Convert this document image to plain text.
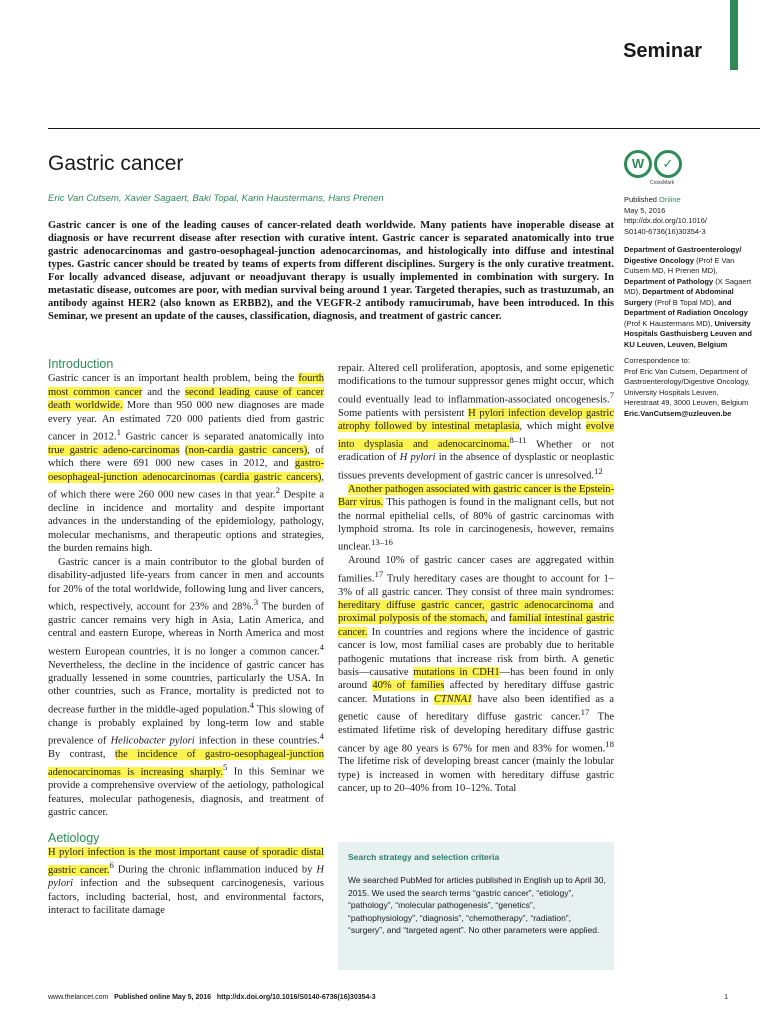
Seminar
Gastric cancer	W	✓
CrossMark
Eric Van Cutsem, Xavier Sagaert, Baki Topal, Karin Haustermans, Hans Prenen
Gastric cancer is one of the leading causes of cancer-related death worldwide. Many patients have inoperable disease at diagnosis or have recurrent disease after resection with curative intent. Gastric cancer is separated anatomically into true gastric adenocarcinomas and gastro-oesophageal-junction adenocarcinomas, and histologically into diffuse and intestinal types. Gastric cancer should be treated by teams of experts from different disciplines. Surgery is the only curative treatment. For locally advanced disease, adjuvant or neoadjuvant therapy is usually implemented in combination with surgery. In metastatic disease, outcomes are poor, with median survival being around 1 year. Targeted therapies, such as trastuzumab, an antibody against HER2 (also known as ERBB2), and the VEGFR-2 antibody ramucirumab, have been introduced. In this Seminar, we present an update of the causes, classification, diagnosis, and treatment of gastric cancer.
Published Online
May 5, 2016
http://dx.doi.org/10.1016/
S0140-6736(16)30354-3
Department of Gastroenterology/ Digestive Oncology (Prof E Van Cutsem MD, H Prenen MD), Department of Pathology (X Sagaert MD), Department of Abdominal Surgery (Prof B Topal MD), and Department of Radiation Oncology (Prof K Haustermans MD), University Hospitals Gasthuisberg Leuven and KU Leuven, Leuven, Belgium
Correspondence to:
Prof Eric Van Cutsem, Department of Gastroenterology/Digestive Oncology, University Hospitals Leuven, Herestraat 49, 3000 Leuven, Belgium
Eric.VanCutsem@uzleuven.be
Introduction

Gastric cancer is an important health problem, being the fourth most common cancer and the second leading cause of cancer death worldwide. More than 950 000 new diagnoses are made every year. An estimated 720 000 patients died from gastric cancer in 2012.$^1$ Gastric cancer is separated anatomically into true gastric adeno-carcinomas (non-cardia gastric cancers), of which there were 691 000 new cases in 2012, and gastro-oesophageal-junction adenocarcinomas (cardia gastric cancers), of which there were 260 000 new cases in that year.$^2$ Despite a decline in incidence and mortality and despite important advances in the understanding of the epidemiology, pathology, molecular mechanisms, and therapeutic options and strategies, the burden remains high.

Gastric cancer is a main contributor to the global burden of disability-adjusted life-years from cancer in men and accounts for 20% of the total worldwide, following lung and liver cancers, which, respectively, account for 23% and 28%.$^3$ The burden of gastric cancer remains very high in Asia, Latin America, and central and eastern Europe, whereas in North America and most western European countries, it is no longer a common cancer.$^4$ Nevertheless, the decline in the incidence of gastric cancer has gradually lessened in some countries, particularly the USA. In other countries, such as France, mortality is predicted not to decrease further in the middle-aged population.$^4$ This slowing of change is probably explained by long-term low and stable prevalence of Helicobacter pylori infection in these countries.$^4$ By contrast, the incidence of gastro-oesophageal-junction adenocarcinomas is increasing sharply.$^5$ In this Seminar we provide a comprehensive overview of the aetiology, pathological features, molecular pathogenesis, diagnosis, and treatment of gastric cancer.

Aetiology

H pylori infection is the most important cause of sporadic distal gastric cancer.$^6$ During the chronic inflammation induced by H pylori infection and the subsequent carcinogenesis, various factors, including bacterial, host, and environmental factors, interact to facilitate damage

repair. Altered cell proliferation, apoptosis, and some epigenetic modifications to the tumour suppressor genes might occur, which could eventually lead to inflammation-associated oncogenesis.$^7$ Some patients with persistent H pylori infection develop gastric atrophy followed by intestinal metaplasia, which might evolve into dysplasia and adenocarcinoma.$^{8-11}$ Whether or not eradication of H pylori in the absence of dysplastic or neoplastic tissues prevents development of gastric cancer is unresolved.$^{12}$

Another pathogen associated with gastric cancer is the Epstein-Barr virus. This pathogen is found in the malignant cells, but not the normal epithelial cells, of 80% of gastric carcinomas with lymphoid stroma. Its role in carcinogenesis, however, remains unclear.$^{13-16}$

Around 10% of gastric cancer cases are aggregated within families.$^{17}$ Truly hereditary cases are thought to account for 1–3% of all gastric cancer. They consist of three main syndromes: hereditary diffuse gastric cancer, gastric adenocarcinoma and proximal polyposis of the stomach, and familial intestinal gastric cancer. In countries and regions where the incidence of gastric cancer is low, most familial cases are probably due to heritable pathogenic mutations that increase risk from birth. A genetic basis—causative mutations in CDH1—has been found in only around 40% of families affected by hereditary diffuse gastric cancer. Mutations in CTNNA1 have also been identified as a genetic cause of hereditary diffuse gastric cancer.$^{17}$ The estimated lifetime risk of developing hereditary diffuse gastric cancer by age 80 years is 67% for men and 83% for women.$^{18}$ The lifetime risk of developing breast cancer (mainly the lobular type) is increased in women with hereditary diffuse gastric cancer, up to 20–40% from 10–12%. Total

Search strategy and selection criteria
We searched PubMed for articles published in English up to April 30, 2015. We used the search terms “gastric cancer”, “etiology”, “pathology”, “molecular pathogenesis”, “genetics”, “pathophysiology”, “diagnosis”, “chemotherapy”, “radiation”, “surgery”, and “targeted agent”. No other parameters were applied.
www.thelancet.com Published online May 5, 2016 http://dx.doi.org/10.1016/S0140-6736(16)30354-3	1
